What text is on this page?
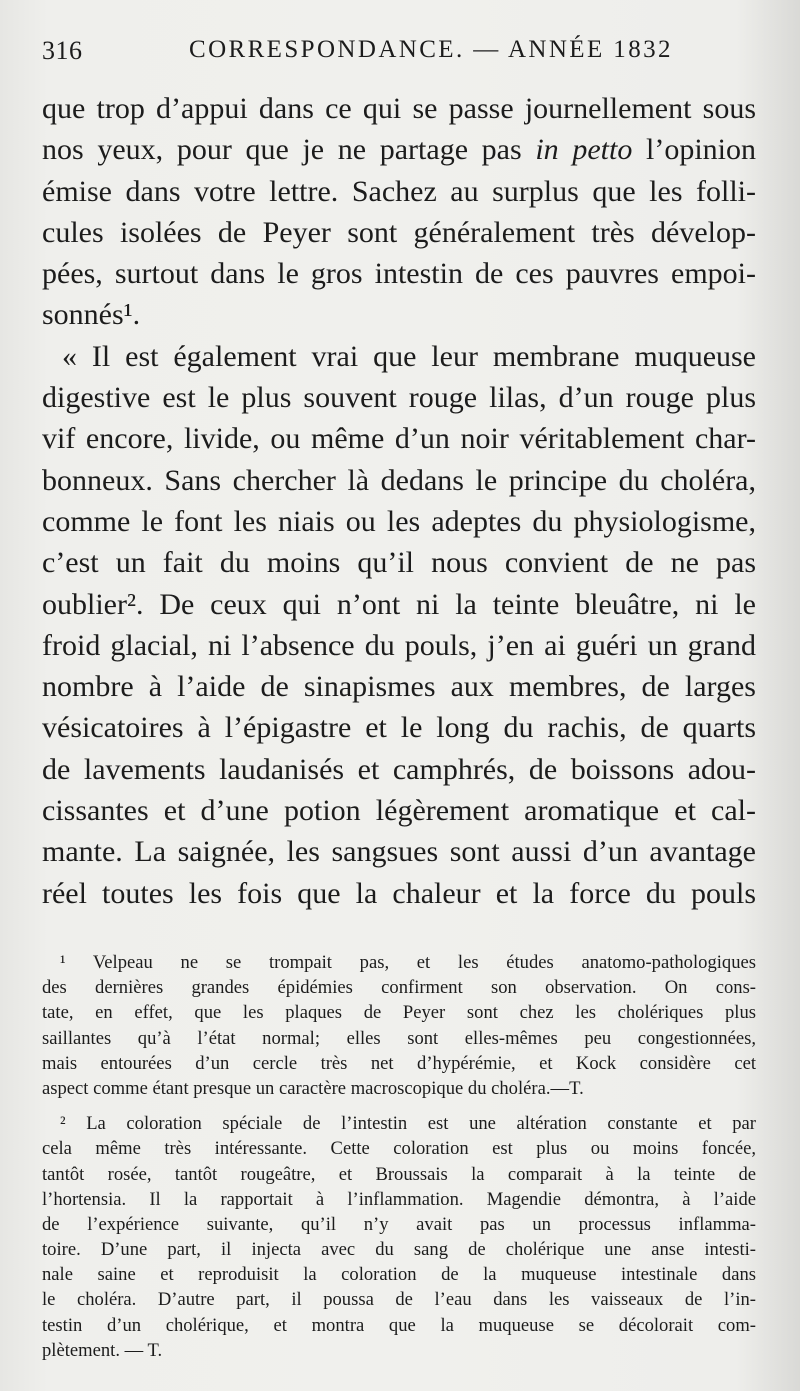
316	CORRESPONDANCE. — ANNÉE 1832
que trop d’appui dans ce qui se passe journellement sous
nos yeux, pour que je ne partage pas in petto l’opinion
émise dans votre lettre. Sachez au surplus que les folli-
cules isolées de Peyer sont généralement très dévelop-
pées, surtout dans le gros intestin de ces pauvres empoi-
sonnés¹.
« Il est également vrai que leur membrane muqueuse
digestive est le plus souvent rouge lilas, d’un rouge plus
vif encore, livide, ou même d’un noir véritablement char-
bonneux. Sans chercher là dedans le principe du choléra,
comme le font les niais ou les adeptes du physiologisme,
c’est un fait du moins qu’il nous convient de ne pas
oublier². De ceux qui n’ont ni la teinte bleuâtre, ni le
froid glacial, ni l’absence du pouls, j’en ai guéri un grand
nombre à l’aide de sinapismes aux membres, de larges
vésicatoires à l’épigastre et le long du rachis, de quarts
de lavements laudanisés et camphrés, de boissons adou-
cissantes et d’une potion légèrement aromatique et cal-
mante. La saignée, les sangsues sont aussi d’un avantage
réel toutes les fois que la chaleur et la force du pouls
¹ Velpeau ne se trompait pas, et les études anatomo-pathologiques
des dernières grandes épidémies confirment son observation. On cons-
tate, en effet, que les plaques de Peyer sont chez les cholériques plus
saillantes qu’à l’état normal; elles sont elles-mêmes peu congestionnées,
mais entourées d’un cercle très net d’hypérémie, et Kock considère cet
aspect comme étant presque un caractère macroscopique du choléra.—T.
² La coloration spéciale de l’intestin est une altération constante et par
cela même très intéressante. Cette coloration est plus ou moins foncée,
tantôt rosée, tantôt rougeâtre, et Broussais la comparait à la teinte de
l’hortensia. Il la rapportait à l’inflammation. Magendie démontra, à l’aide
de l’expérience suivante, qu’il n’y avait pas un processus inflamma-
toire. D’une part, il injecta avec du sang de cholérique une anse intesti-
nale saine et reproduisit la coloration de la muqueuse intestinale dans
le choléra. D’autre part, il poussa de l’eau dans les vaisseaux de l’in-
testin d’un cholérique, et montra que la muqueuse se décolorait com-
plètement. — T.
